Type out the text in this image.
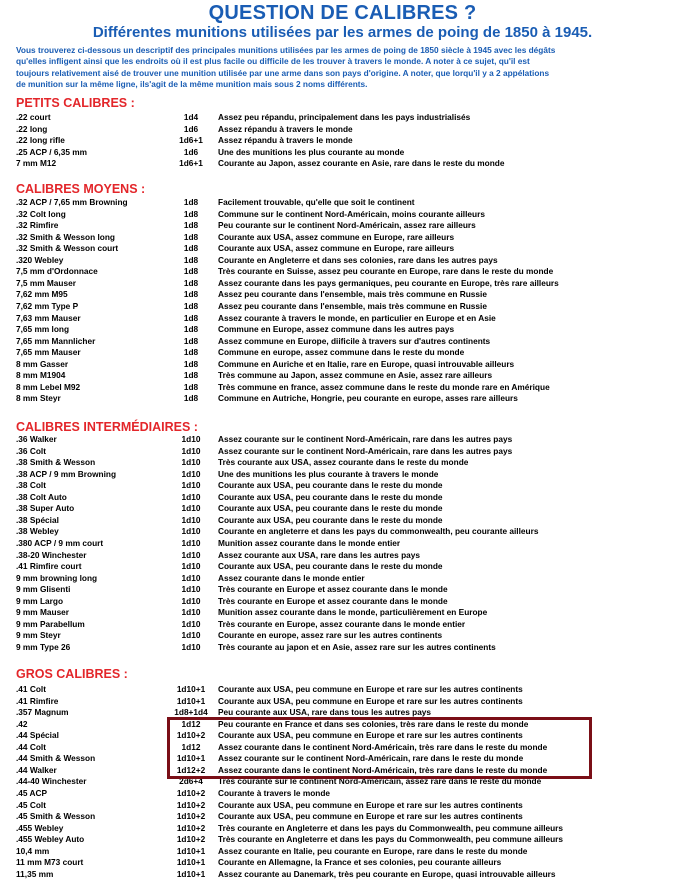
QUESTION DE CALIBRES ?
Différentes munitions utilisées par les armes de poing de 1850 à 1945.
Vous trouverez ci-dessous un descriptif des principales munitions utilisées par les armes de poing de 1850 siècle à 1945 avec les dégâts
qu'elles infligent ainsi que les endroits où il est plus facile ou difficile de les trouver à travers le monde. A noter à ce sujet, qu'il est
toujours relativement aisé de trouver une munition utilisée par une arme dans son pays d'origine. A noter, que lorqu'il y a 2 appélations
de munition sur la même ligne, ils'agit de la même munition mais sous 2 noms différents.
PETITS CALIBRES :
.22 court	1d4	Assez peu répandu, principalement dans les pays industrialisés
.22 long	1d6	Assez répandu à travers le monde
.22 long rifle	1d6+1	Assez répandu à travers le monde
.25 ACP / 6,35 mm	1d6	Une des munitions les plus courante au monde
7 mm M12	1d6+1	Courante au Japon, assez courante en Asie, rare dans le reste du monde
CALIBRES MOYENS :
.32 ACP / 7,65 mm Browning	1d8	Facilement trouvable, qu'elle que soit le continent
.32 Colt long	1d8	Commune sur le continent Nord-Américain, moins courante ailleurs
.32 Rimfire	1d8	Peu courante sur le continent Nord-Américain, assez rare ailleurs
.32 Smith & Wesson long	1d8	Courante aux USA, assez commune en Europe, rare ailleurs
.32 Smith & Wesson court	1d8	Courante aux USA, assez commune en Europe, rare ailleurs
.320 Webley	1d8	Courante en Angleterre et dans ses colonies, rare dans les autres pays
7,5 mm d'Ordonnace	1d8	Très courante en Suisse, assez peu courante en Europe, rare dans le reste du monde
7,5 mm Mauser	1d8	Assez courante dans les pays germaniques, peu courante en Europe, très rare ailleurs
7,62 mm M95	1d8	Assez peu courante dans l'ensemble, mais très commune en Russie
7,62 mm Type P	1d8	Assez peu courante dans l'ensemble, mais très commune en Russie
7,63 mm Mauser	1d8	Assez courante à travers le monde, en particulier en Europe et en Asie
7,65 mm long	1d8	Commune en Europe, assez commune dans les autres pays
7,65 mm Mannlicher	1d8	Assez commune en Europe, diificile à travers sur d'autres continents
7,65 mm Mauser	1d8	Commune en europe, assez commune dans le reste du monde
8 mm Gasser	1d8	Commune en Auriche et en Italie, rare en Europe, quasi introuvable ailleurs
8 mm M1904	1d8	Très commune au Japon, assez commune en Asie, assez rare ailleurs
8 mm Lebel M92	1d8	Très commune en france, assez commune dans le reste du monde rare en Amérique
8 mm Steyr	1d8	Commune en Autriche, Hongrie, peu courante en europe, asses rare ailleurs
CALIBRES INTERMÉDIAIRES :
.36 Walker	1d10	Assez courante sur le continent Nord-Américain, rare dans les autres pays
.36 Colt	1d10	Assez courante sur le continent Nord-Américain, rare dans les autres pays
.38 Smith & Wesson	1d10	Très courante aux USA, assez courante dans le reste du monde
.38 ACP / 9 mm Browning	1d10	Une des munitions les plus courante à travers le monde
.38 Colt	1d10	Courante aux USA, peu courante dans le reste du monde
.38 Colt Auto	1d10	Courante aux USA, peu courante dans le reste du monde
.38 Super Auto	1d10	Courante aux USA, peu courante dans le reste du monde
.38 Spécial	1d10	Courante aux USA, peu courante dans le reste du monde
.38 Webley	1d10	Courante en angleterre et dans les pays du commonwealth, peu courante ailleurs
.380 ACP / 9 mm court	1d10	Munition assez courante dans le monde entier
.38-20 Winchester	1d10	Assez courante aux USA, rare dans les autres pays
.41 Rimfire court	1d10	Courante aux USA, peu courante dans le reste du monde
9 mm browning long	1d10	Assez courante dans le monde entier
9 mm Glisenti	1d10	Très courante en Europe et assez courante dans le monde
9 mm Largo	1d10	Très courante en Europe et assez courante dans le monde
9 mm Mauser	1d10	Munition assez courante dans le monde, particulièrement en Europe
9 mm Parabellum	1d10	Très courante en Europe, assez courante dans le monde entier
9 mm Steyr	1d10	Courante en europe, assez rare sur les autres continents
9 mm Type 26	1d10	Très courante au japon et en Asie, assez rare sur les autres continents
GROS CALIBRES :
.41 Colt	1d10+1	Courante aux USA, peu commune en Europe et rare sur les autres continents
.41 Rimfire	1d10+1	Courante aux USA, peu commune en Europe et rare sur les autres continents
.357 Magnum	1d8+1d4	Peu courante aux USA, rare dans tous les autres pays
.42	1d12	Peu courante en France et dans ses colonies, très rare dans le reste du monde
.44 Spécial	1d10+2	Courante aux USA, peu commune en Europe et rare sur les autres continents
.44 Colt	1d12	Assez courante dans le continent Nord-Américain, très rare dans le reste du monde
.44 Smith & Wesson	1d10+1	Assez courante sur le continent Nord-Américain, rare dans le reste du monde
.44 Walker	1d12+2	Assez courante dans le continent Nord-Américain, très rare dans le reste du monde
.44-40 Winchester	2d6+4	Très courante sur le continent Nord-Américain, assez rare dans le reste du monde
.45 ACP	1d10+2	Courante à travers le monde
.45 Colt	1d10+2	Courante aux USA, peu commune en Europe et rare sur les autres continents
.45 Smith & Wesson	1d10+2	Courante aux USA, peu commune en Europe et rare sur les autres continents
.455 Webley	1d10+2	Très courante en Angleterre et dans les pays du Commonwealth, peu commune ailleurs
.455 Webley Auto	1d10+2	Très courante en Angleterre et dans les pays du Commonwealth, peu commune ailleurs
10,4 mm	1d10+1	Assez courante en Italie, peu courante en Europe, rare dans le reste du monde
11 mm M73 court	1d10+1	Courante en Allemagne, la France et ses colonies, peu courante ailleurs
11,35 mm	1d10+1	Assez courante au Danemark, très peu courante en Europe, quasi introuvable ailleurs
